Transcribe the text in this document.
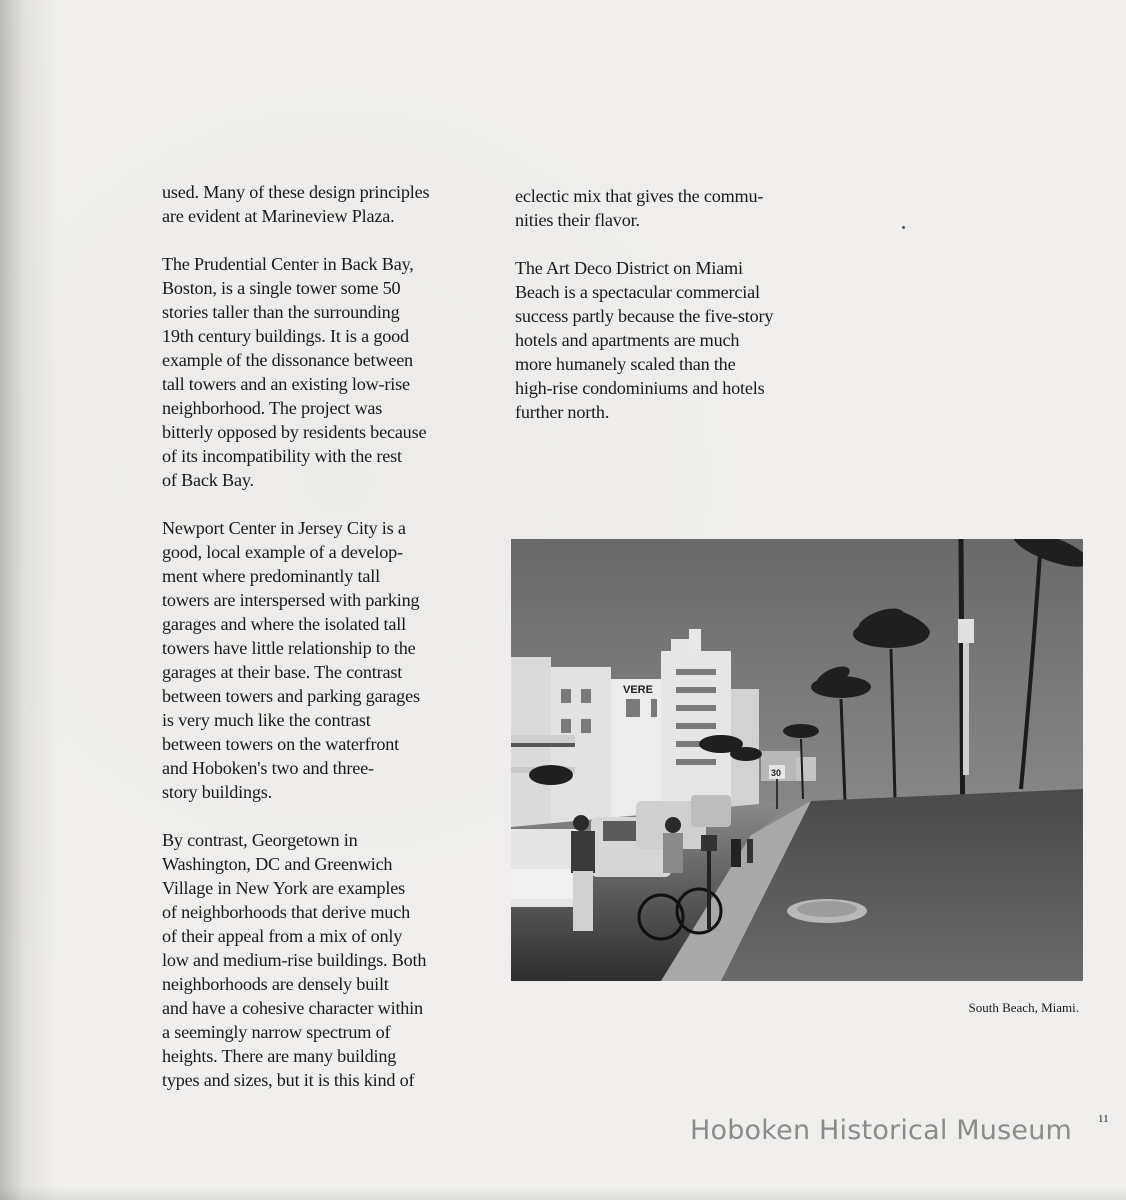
used. Many of these design principles
are evident at Marineview Plaza.

The Prudential Center in Back Bay,
Boston, is a single tower some 50
stories taller than the surrounding
19th century buildings. It is a good
example of the dissonance between
tall towers and an existing low-rise
neighborhood. The project was
bitterly opposed by residents because
of its incompatibility with the rest
of Back Bay.

Newport Center in Jersey City is a
good, local example of a develop-
ment where predominantly tall
towers are interspersed with parking
garages and where the isolated tall
towers have little relationship to the
garages at their base. The contrast
between towers and parking garages
is very much like the contrast
between towers on the waterfront
and Hoboken's two and three-
story buildings.

By contrast, Georgetown in
Washington, DC and Greenwich
Village in New York are examples
of neighborhoods that derive much
of their appeal from a mix of only
low and medium-rise buildings. Both
neighborhoods are densely built
and have a cohesive character within
a seemingly narrow spectrum of
heights. There are many building
types and sizes, but it is this kind of

eclectic mix that gives the commu-
nities their flavor.

The Art Deco District on Miami
Beach is a spectacular commercial
success partly because the five-story
hotels and apartments are much
more humanely scaled than the
high-rise condominiums and hotels
further north.

VERE
30
South Beach, Miami.
11
Hoboken Historical Museum
